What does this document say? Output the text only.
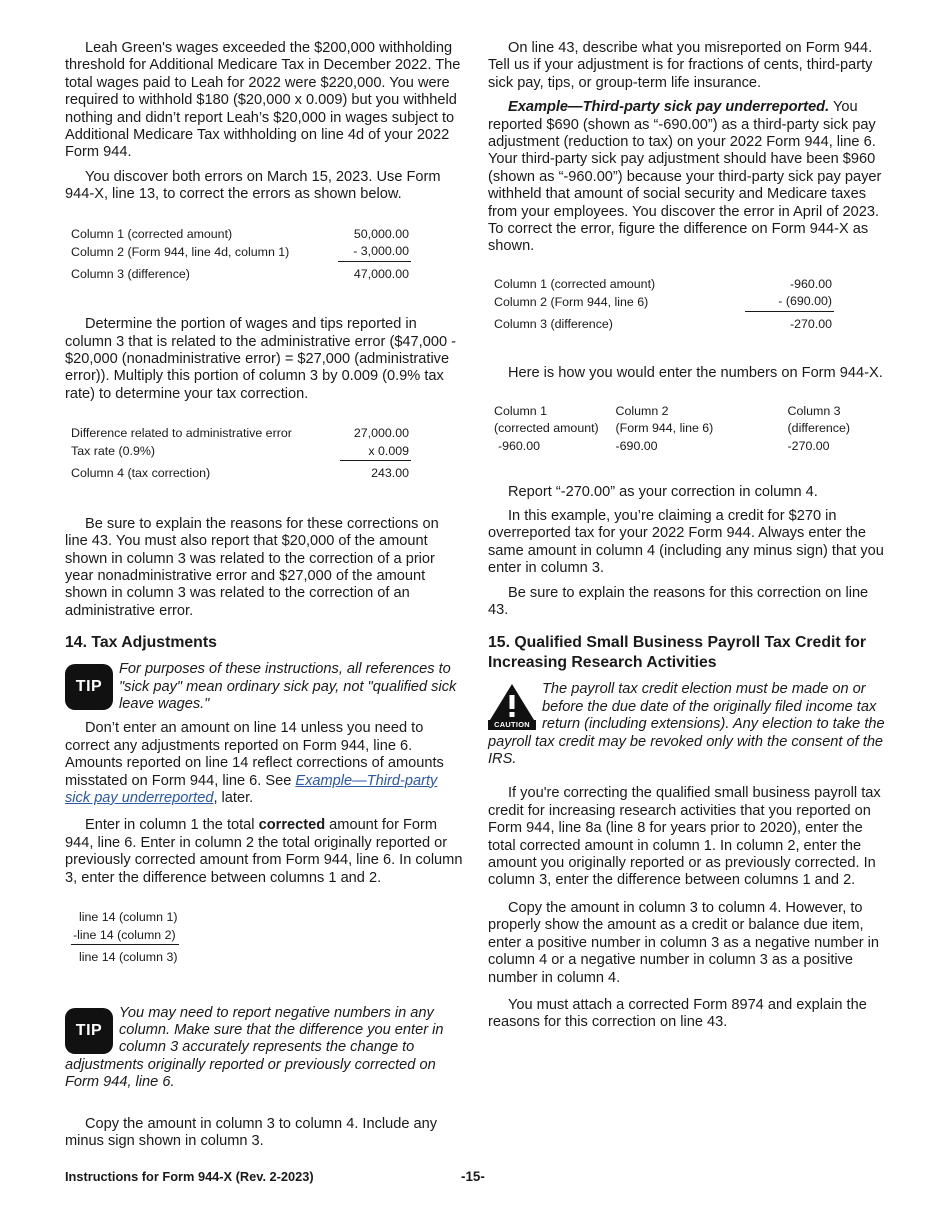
Leah Green's wages exceeded the $200,000 withholding threshold for Additional Medicare Tax in December 2022. The total wages paid to Leah for 2022 were $220,000. You were required to withhold $180 ($20,000 x 0.009) but you withheld nothing and didn’t report Leah’s $20,000 in wages subject to Additional Medicare Tax withholding on line 4d of your 2022 Form 944.

You discover both errors on March 15, 2023. Use Form 944-X, line 13, to correct the errors as shown below.

Column 1 (corrected amount)	50,000.00
Column 2 (Form 944, line 4d, column 1)	- 3,000.00
Column 3 (difference)	47,000.00

Determine the portion of wages and tips reported in column 3 that is related to the administrative error ($47,000 - $20,000 (nonadministrative error) = $27,000 (administrative error)). Multiply this portion of column 3 by 0.009 (0.9% tax rate) to determine your tax correction.

Difference related to administrative error	27,000.00
Tax rate (0.9%)	x 0.009
Column 4 (tax correction)	243.00

Be sure to explain the reasons for these corrections on line 43. You must also report that $20,000 of the amount shown in column 3 was related to the correction of a prior year nonadministrative error and $27,000 of the amount shown in column 3 was related to the correction of an administrative error.

14. Tax Adjustments
TIP

For purposes of these instructions, all references to "sick pay" mean ordinary sick pay, not "qualified sick leave wages."

Don’t enter an amount on line 14 unless you need to correct any adjustments reported on Form 944, line 6. Amounts reported on line 14 reflect corrections of amounts misstated on Form 944, line 6. See Example—Third-party sick pay underreported, later.

Enter in column 1 the total corrected amount for Form 944, line 6. Enter in column 2 the total originally reported or previously corrected amount from Form 944, line 6. In column 3, enter the difference between columns 1 and 2.

line 14 (column 1)
-line 14 (column 2)
line 14 (column 3)
TIP

You may need to report negative numbers in any column. Make sure that the difference you enter in column 3 accurately represents the change to adjustments originally reported or previously corrected on Form 944, line 6.

Copy the amount in column 3 to column 4. Include any minus sign shown in column 3.

On line 43, describe what you misreported on Form 944. Tell us if your adjustment is for fractions of cents, third-party sick pay, tips, or group-term life insurance.

Example—Third-party sick pay underreported. You reported $690 (shown as “-690.00”) as a third-party sick pay adjustment (reduction to tax) on your 2022 Form 944, line 6. Your third-party sick pay adjustment should have been $960 (shown as “-960.00”) because your third-party sick pay payer withheld that amount of social security and Medicare taxes from your employees. You discover the error in April of 2023. To correct the error, figure the difference on Form 944-X as shown.

Column 1 (corrected amount)	-960.00
Column 2 (Form 944, line 6)	- (690.00)
Column 3 (difference)	-270.00

Here is how you would enter the numbers on Form 944-X.

Column 1	Column 2	Column 3
(corrected amount)	(Form 944, line 6)	(difference)
-960.00	-690.00	-270.00

Report “-270.00” as your correction in column 4.

In this example, you’re claiming a credit for $270 in overreported tax for your 2022 Form 944. Always enter the same amount in column 4 (including any minus sign) that you enter in column 3.

Be sure to explain the reasons for this correction on line 43.

15. Qualified Small Business Payroll Tax Credit for Increasing Research Activities
CAUTION

The payroll tax credit election must be made on or before the due date of the originally filed income tax return (including extensions). Any election to take the payroll tax credit may be revoked only with the consent of the IRS.

If you're correcting the qualified small business payroll tax credit for increasing research activities that you reported on Form 944, line 8a (line 8 for years prior to 2020), enter the total corrected amount in column 1. In column 2, enter the amount you originally reported or as previously corrected. In column 3, enter the difference between columns 1 and 2.

Copy the amount in column 3 to column 4. However, to properly show the amount as a credit or balance due item, enter a positive number in column 3 as a negative number in column 4 or a negative number in column 3 as a positive number in column 4.

You must attach a corrected Form 8974 and explain the reasons for this correction on line 43.

Instructions for Form 944-X (Rev. 2-2023)	-15-
